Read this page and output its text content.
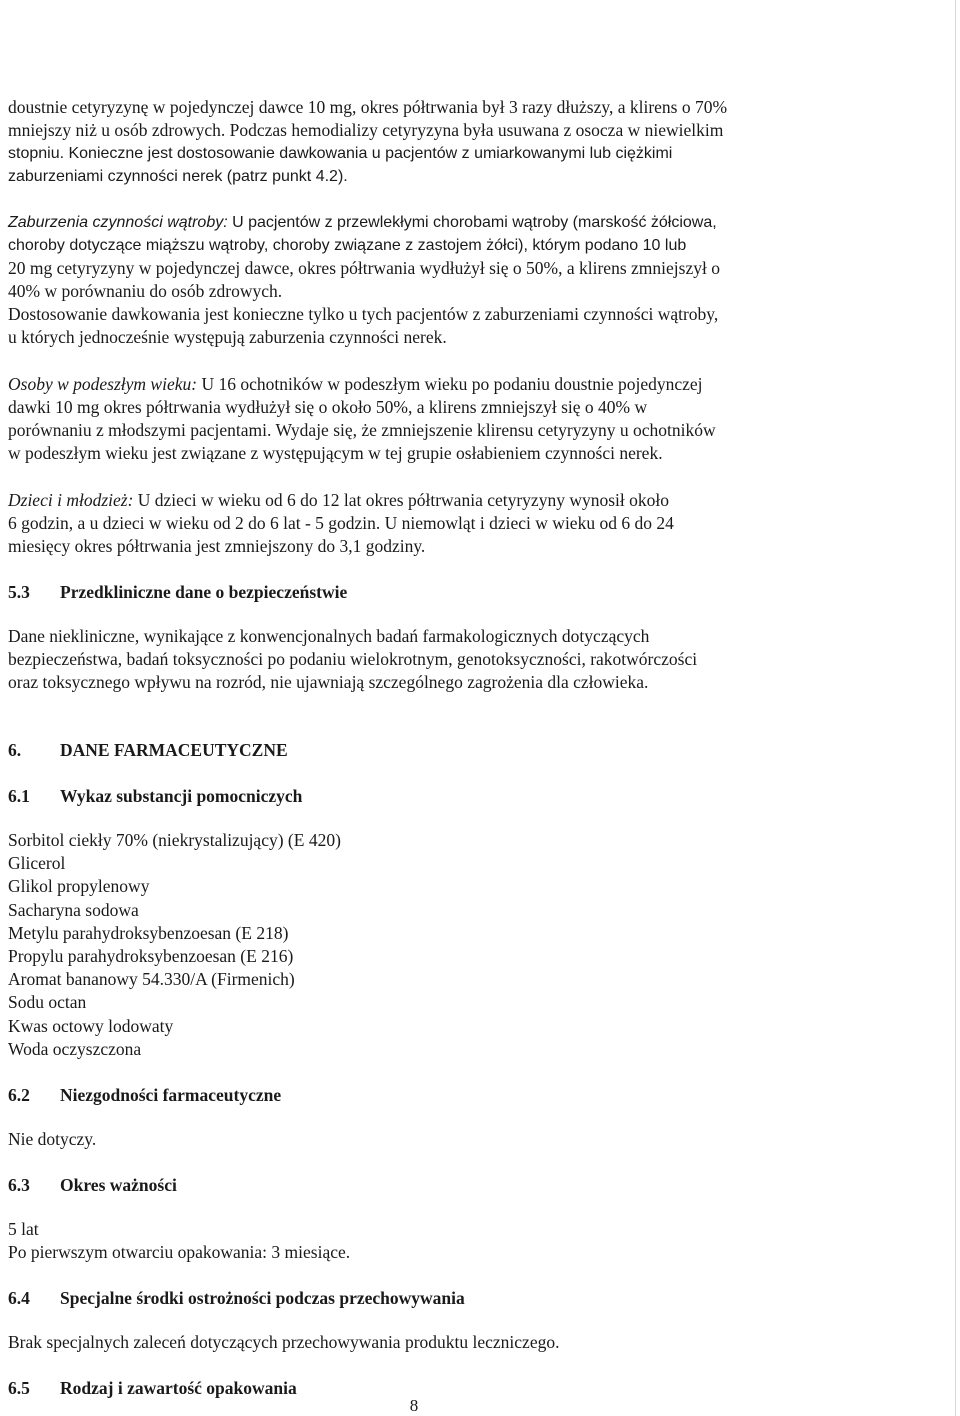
doustnie cetyryzynę w pojedynczej dawce 10 mg, okres półtrwania był 3 razy dłuższy, a klirens o 70%

mniejszy niż u osób zdrowych. Podczas hemodializy cetyryzyna była usuwana z osocza w niewielkim

stopniu. Konieczne jest dostosowanie dawkowania u pacjentów z umiarkowanymi lub ciężkimi

zaburzeniami czynności nerek (patrz punkt 4.2).

Zaburzenia czynności wątroby: U pacjentów z przewlekłymi chorobami wątroby (marskość żółciowa,

choroby dotyczące miąższu wątroby, choroby związane z zastojem żółci), którym podano 10 lub

20 mg cetyryzyny w pojedynczej dawce, okres półtrwania wydłużył się o 50%, a klirens zmniejszył o

40% w porównaniu do osób zdrowych.

Dostosowanie dawkowania jest konieczne tylko u tych pacjentów z zaburzeniami czynności wątroby,

u których jednocześnie występują zaburzenia czynności nerek.

Osoby w podeszłym wieku: U 16 ochotników w podeszłym wieku po podaniu doustnie pojedynczej

dawki 10 mg okres półtrwania wydłużył się o około 50%, a klirens zmniejszył się o 40% w

porównaniu z młodszymi pacjentami. Wydaje się, że zmniejszenie klirensu cetyryzyny u ochotników

w podeszłym wieku jest związane z występującym w tej grupie osłabieniem czynności nerek.

Dzieci i młodzież: U dzieci w wieku od 6 do 12 lat okres półtrwania cetyryzyny wynosił około

6 godzin, a u dzieci w wieku od 2 do 6 lat - 5 godzin. U niemowląt i dzieci w wieku od 6 do 24

miesięcy okres półtrwania jest zmniejszony do 3,1 godziny.

5.3	Przedkliniczne dane o bezpieczeństwie

Dane niekliniczne, wynikające z konwencjonalnych badań farmakologicznych dotyczących

bezpieczeństwa, badań toksyczności po podaniu wielokrotnym, genotoksyczności, rakotwórczości

oraz toksycznego wpływu na rozród, nie ujawniają szczególnego zagrożenia dla człowieka.

6.	DANE FARMACEUTYCZNE
6.1	Wykaz substancji pomocniczych

Sorbitol ciekły 70% (niekrystalizujący) (E 420)

Glicerol

Glikol propylenowy

Sacharyna sodowa

Metylu parahydroksybenzoesan (E 218)

Propylu parahydroksybenzoesan (E 216)

Aromat bananowy 54.330/A (Firmenich)

Sodu octan

Kwas octowy lodowaty

Woda oczyszczona

6.2	Niezgodności farmaceutyczne

Nie dotyczy.

6.3	Okres ważności

5 lat

Po pierwszym otwarciu opakowania: 3 miesiące.

6.4	Specjalne środki ostrożności podczas przechowywania

Brak specjalnych zaleceń dotyczących przechowywania produktu leczniczego.

6.5	Rodzaj i zawartość opakowania
8
